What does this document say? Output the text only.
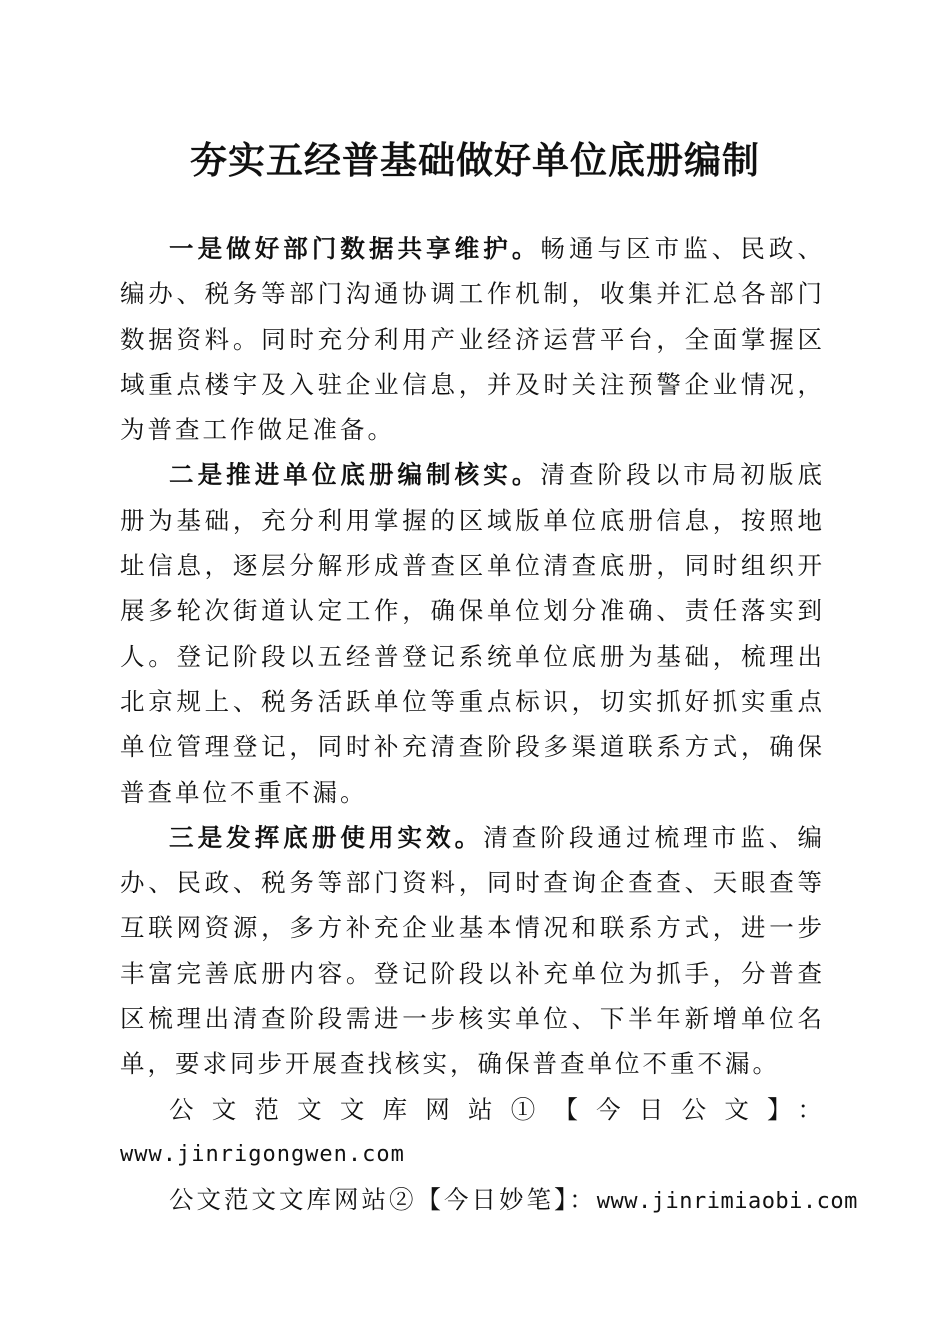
夯实五经普基础做好单位底册编制

一是做好部门数据共享维护。畅通与区市监、民政、编办、税务等部门沟通协调工作机制，收集并汇总各部门数据资料。同时充分利用产业经济运营平台，全面掌握区域重点楼宇及入驻企业信息，并及时关注预警企业情况，为普查工作做足准备。

二是推进单位底册编制核实。清查阶段以市局初版底册为基础，充分利用掌握的区域版单位底册信息，按照地址信息，逐层分解形成普查区单位清查底册，同时组织开展多轮次街道认定工作，确保单位划分准确、责任落实到人。登记阶段以五经普登记系统单位底册为基础，梳理出北京规上、税务活跃单位等重点标识，切实抓好抓实重点单位管理登记，同时补充清查阶段多渠道联系方式，确保普查单位不重不漏。

三是发挥底册使用实效。清查阶段通过梳理市监、编办、民政、税务等部门资料，同时查询企查查、天眼查等互联网资源，多方补充企业基本情况和联系方式，进一步丰富完善底册内容。登记阶段以补充单位为抓手，分普查区梳理出清查阶段需进一步核实单位、下半年新增单位名单，要求同步开展查找核实，确保普查单位不重不漏。

公文范文文库网站①【今日公文】：

www.jinrigongwen.com

公文范文文库网站②【今日妙笔】：www.jinrimiaobi.com
